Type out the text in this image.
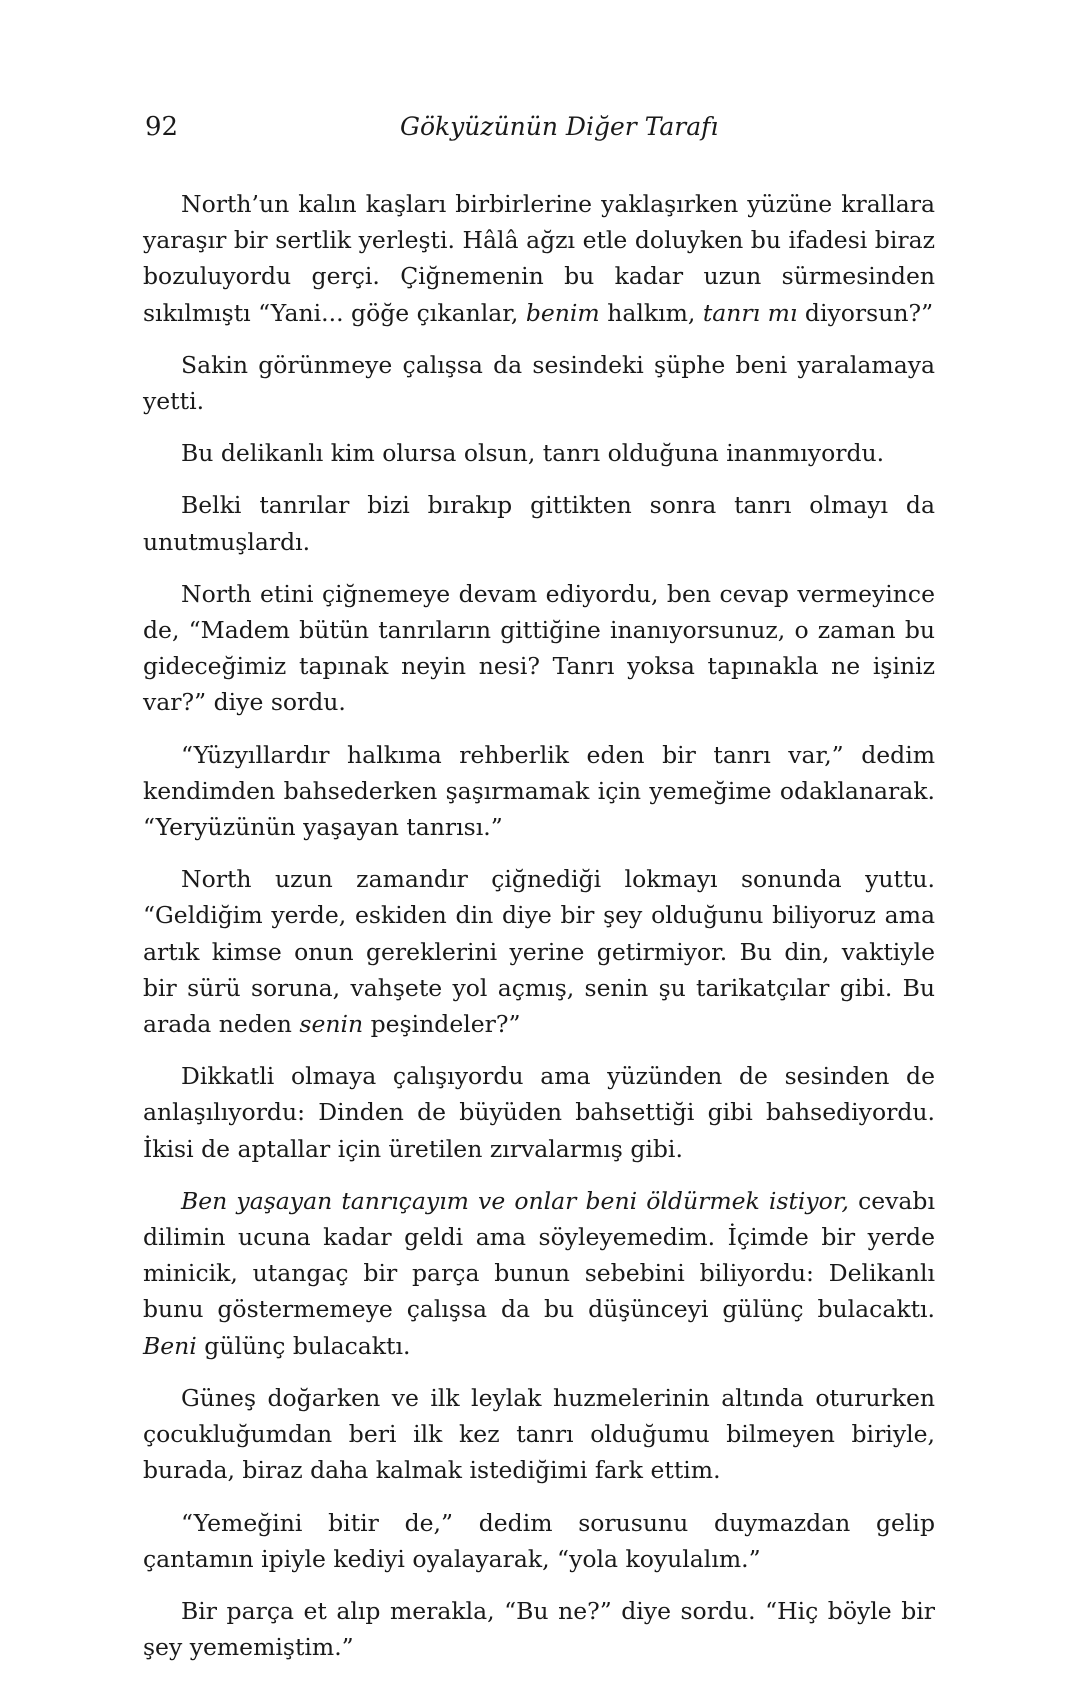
92	Gökyüzünün Diğer Tarafı

North’un kalın kaşları birbirlerine yaklaşırken yüzüne krallara yaraşır bir sertlik yerleşti. Hâlâ ağzı etle doluyken bu ifadesi biraz bozuluyordu gerçi. Çiğnemenin bu kadar uzun sürmesinden sıkılmıştı “Yani... göğe çıkanlar, benim halkım, tanrı mı diyorsun?”

Sakin görünmeye çalışsa da sesindeki şüphe beni yaralamaya yetti.

Bu delikanlı kim olursa olsun, tanrı olduğuna inanmıyordu.

Belki tanrılar bizi bırakıp gittikten sonra tanrı olmayı da unutmuşlardı.

North etini çiğnemeye devam ediyordu, ben cevap vermeyince de, “Madem bütün tanrıların gittiğine inanıyorsunuz, o zaman bu gideceğimiz tapınak neyin nesi? Tanrı yoksa tapınakla ne işiniz var?” diye sordu.

“Yüzyıllardır halkıma rehberlik eden bir tanrı var,” dedim kendimden bahsederken şaşırmamak için yemeğime odaklanarak. “Yeryüzünün yaşayan tanrısı.”

North uzun zamandır çiğnediği lokmayı sonunda yuttu. “Geldiğim yerde, eskiden din diye bir şey olduğunu biliyoruz ama artık kimse onun gereklerini yerine getirmiyor. Bu din, vaktiyle bir sürü soruna, vahşete yol açmış, senin şu tarikatçılar gibi. Bu arada neden senin peşindeler?”

Dikkatli olmaya çalışıyordu ama yüzünden de sesinden de anlaşılıyordu: Dinden de büyüden bahsettiği gibi bahsediyordu. İkisi de aptallar için üretilen zırvalarmış gibi.

Ben yaşayan tanrıçayım ve onlar beni öldürmek istiyor, cevabı dilimin ucuna kadar geldi ama söyleyemedim. İçimde bir yerde minicik, utangaç bir parça bunun sebebini biliyordu: Delikanlı bunu göstermemeye çalışsa da bu düşünceyi gülünç bulacaktı. Beni gülünç bulacaktı.

Güneş doğarken ve ilk leylak huzmelerinin altında otururken çocukluğumdan beri ilk kez tanrı olduğumu bilmeyen biriyle, burada, biraz daha kalmak istediğimi fark ettim.

“Yemeğini bitir de,” dedim sorusunu duymazdan gelip çantamın ipiyle kediyi oyalayarak, “yola koyulalım.”

Bir parça et alıp merakla, “Bu ne?” diye sordu. “Hiç böyle bir şey yememiştim.”
